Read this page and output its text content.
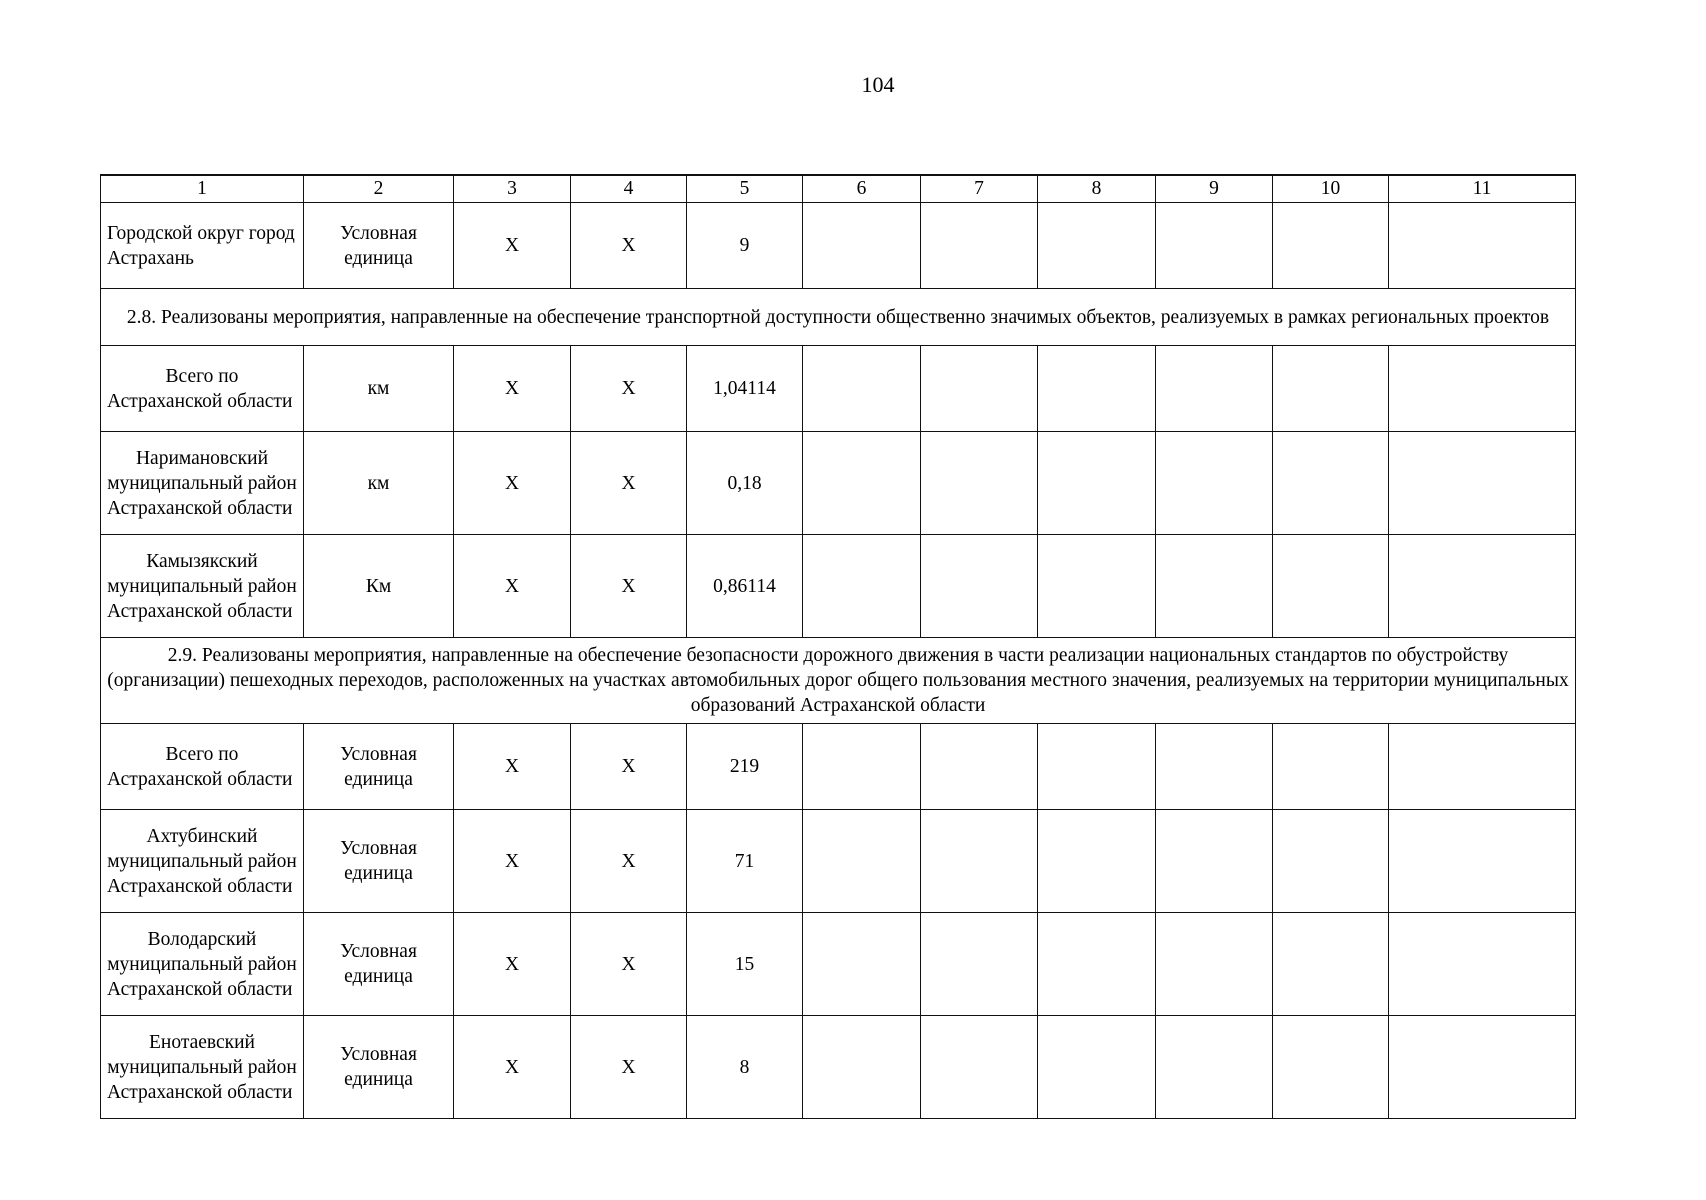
104
1	2	3	4	5	6	7	8	9	10	11
Городской округ город Астрахань	Условная единица	Х	Х	9						
2.8. Реализованы мероприятия, направленные на обеспечение транспортной доступности общественно значимых объектов, реализуемых в рамках региональных проектов										
Всего по Астраханской области	км	Х	Х	1,04114						
Наримановский муниципальный район Астраханской области	км	Х	Х	0,18						
Камызякский муниципальный район Астраханской области	Км	Х	Х	0,86114						
2.9. Реализованы мероприятия, направленные на обеспечение безопасности дорожного движения в части реализации национальных стандартов по обустройству (организации) пешеходных переходов, расположенных на участках автомобильных дорог общего пользования местного значения, реализуемых на территории муниципальных образований Астраханской области										
Всего по Астраханской области	Условная единица	Х	Х	219						
Ахтубинский муниципальный район Астраханской области	Условная единица	Х	Х	71						
Володарский муниципальный район Астраханской области	Условная единица	Х	Х	15						
Енотаевский муниципальный район Астраханской области	Условная единица	Х	Х	8						
